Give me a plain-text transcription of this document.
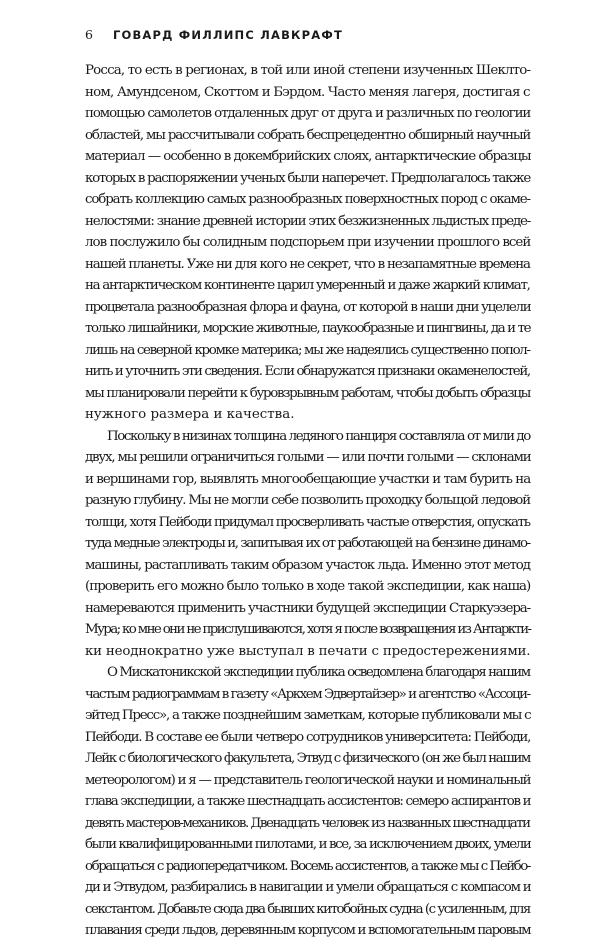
6 ГОВАРД ФИЛЛИПС ЛАВКРАФТ
Росса, то есть в регионах, в той или иной степени изученных Шеклто-
ном, Амундсеном, Скоттом и Бэрдом. Часто меняя лагеря, достигая с
помощью самолетов отдаленных друг от друга и различных по геологии
областей, мы рассчитывали собрать беспрецедентно обширный научный
материал — особенно в докембрийских слоях, антарктические образцы
которых в распоряжении ученых были наперечет. Предполагалось также
собрать коллекцию самых разнообразных поверхностных пород с окаме-
нелостями: знание древней истории этих безжизненных льдистых преде-
лов послужило бы солидным подспорьем при изучении прошлого всей
нашей планеты. Уже ни для кого не секрет, что в незапамятные времена
на антарктическом континенте царил умеренный и даже жаркий климат,
процветала разнообразная флора и фауна, от которой в наши дни уцелели
только лишайники, морские животные, паукообразные и пингвины, да и те
лишь на северной кромке материка; мы же надеялись существенно попол-
нить и уточнить эти сведения. Если обнаружатся признаки окаменелостей,
мы планировали перейти к буровзрывным работам, чтобы добыть образцы
нужного размера и качества.
Поскольку в низинах толщина ледяного панциря составляла от мили до
двух, мы решили ограничиться голыми — или почти голыми — склонами
и вершинами гор, выявлять многообещающие участки и там бурить на
разную глубину. Мы не могли себе позволить проходку больщой ледовой
толщи, хотя Пейбоди придумал просверливать частые отверстия, опускать
туда медные электроды и, запитывая их от работающей на бензине динамо-
машины, растапливать таким образом участок льда. Именно этот метод
(проверить его можно было только в ходе такой экспедиции, как наша)
намереваются применить участники будущей экспедиции Старкуэзера-
Мура; ко мне они не прислушиваются, хотя я после возвращения из Антаркти-
ки неоднократно уже выступал в печати с предостережениями.
О Мискатоникской экспедиции публика осведомлена благодаря нашим
частым радиограммам в газету «Аркхем Эдвертайзер» и агентство «Ассоци-
эйтед Пресс», а также позднейшим заметкам, которые публиковали мы с
Пейбоди. В составе ее были четверо сотрудников университета: Пейбоди,
Лейк с биологического факультета, Этвуд с физического (он же был нашим
метеорологом) и я — представитель геологической науки и номинальный
глава экспедиции, а также шестнадцать ассистентов: семеро аспирантов и
девять мастеров-механиков. Двенадцать человек из названных шестнадцати
были квалифицированными пилотами, и все, за исключением двоих, умели
обращаться с радиопередатчиком. Восемь ассистентов, а также мы с Пейбо-
ди и Этвудом, разбирались в навигации и умели обращаться с компасом и
секстантом. Добавьте сюда два бывших китобойных судна (с усиленным, для
плавания среди льдов, деревянным корпусом и вспомогательным паровым
